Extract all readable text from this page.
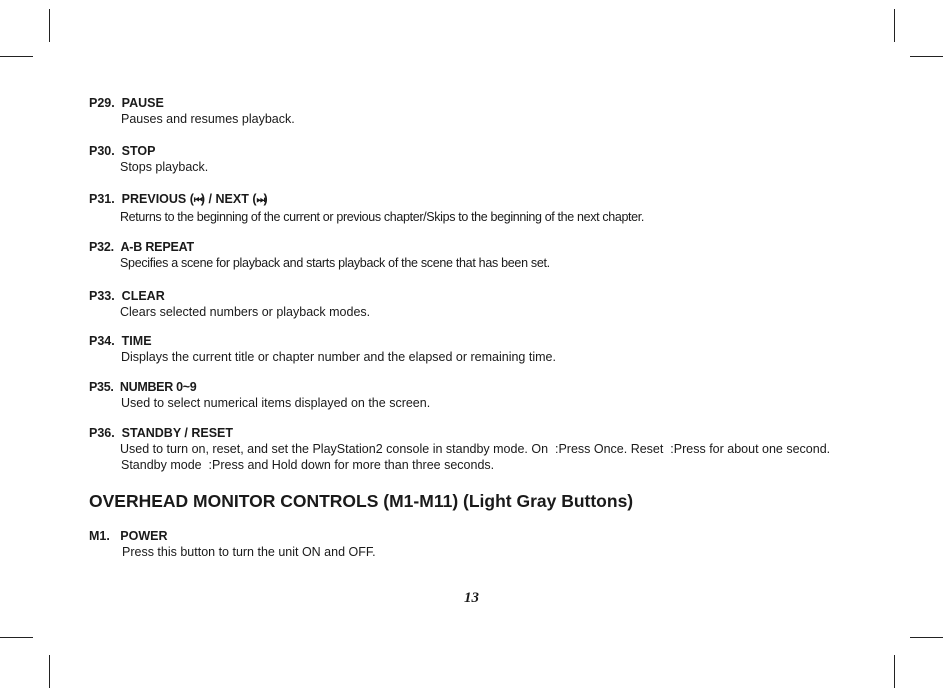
P29. PAUSE
Pauses and resumes playback.
P30. STOP
Stops playback.
P31. PREVIOUS (⏮) / NEXT (⏭)
Returns to the beginning of the current or previous chapter/Skips to the beginning of the next chapter.
P32. A-B REPEAT
Specifies a scene for playback and starts playback of the scene that has been set.
P33. CLEAR
Clears selected numbers or playback modes.
P34. TIME
Displays the current title or chapter number and the elapsed or remaining time.
P35. NUMBER 0~9
Used to select numerical items displayed on the screen.
P36. STANDBY / RESET
Used to turn on, reset, and set the PlayStation2 console in standby mode. On  :Press Once. Reset  :Press for about one second.
Standby mode  :Press and Hold down for more than three seconds.
OVERHEAD MONITOR CONTROLS (M1-M11) (Light Gray Buttons)
M1. POWER
Press this button to turn the unit ON and OFF.
13
